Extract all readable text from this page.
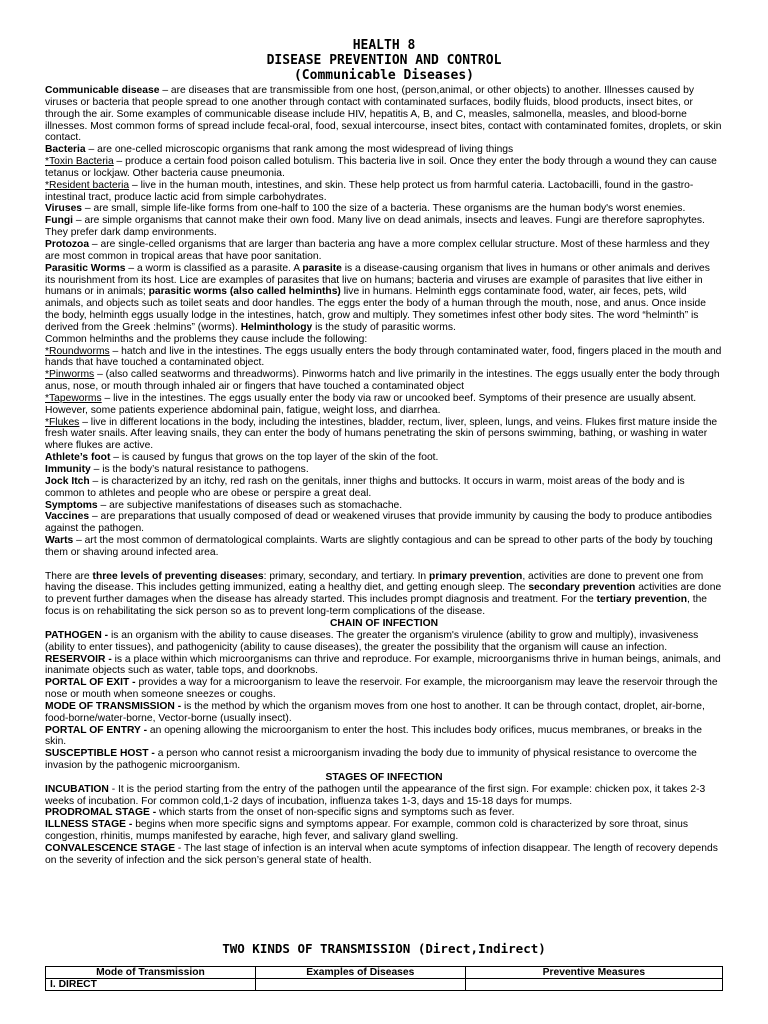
HEALTH 8
DISEASE PREVENTION AND CONTROL
(Communicable Diseases)

Communicable disease – are diseases that are transmissible from one host, (person,animal, or other objects) to another. Illnesses caused by viruses or bacteria that people spread to one another through contact with contaminated surfaces, bodily fluids, blood products, insect bites, or through the air. Some examples of communicable disease include HIV, hepatitis A, B, and C, measles, salmonella, measles, and blood-borne illnesses. Most common forms of spread include fecal-oral, food, sexual intercourse, insect bites, contact with contaminated fomites, droplets, or skin contact.

Bacteria – are one-celled microscopic organisms that rank among the most widespread of living things

*Toxin Bacteria – produce a certain food poison called botulism. This bacteria live in soil. Once they enter the body through a wound they can cause tetanus or lockjaw. Other bacteria cause pneumonia.

*Resident bacteria – live in the human mouth, intestines, and skin. These help protect us from harmful cateria. Lactobacilli, found in the gastro-intestinal tract, produce lactic acid from simple carbohydrates.

Viruses – are small, simple life-like forms from one-half to 100 the size of a bacteria. These organisms are the human body's worst enemies.

Fungi – are simple organisms that cannot make their own food. Many live on dead animals, insects and leaves. Fungi are therefore saprophytes. They prefer dark damp environments.

Protozoa – are single-celled organisms that are larger than bacteria ang have a more complex cellular structure. Most of these harmless and they are most common in tropical areas that have poor sanitation.

Parasitic Worms – a worm is classified as a parasite. A parasite is a disease-causing organism that lives in humans or other animals and derives its nourishment from its host. Lice are examples of parasites that live on humans; bacteria and viruses are example of parasites that live either in humans or in animals; parasitic worms (also called helminths) live in humans. Helminth eggs contaminate food, water, air feces, pets, wild animals, and objects such as toilet seats and door handles. The eggs enter the body of a human through the mouth, nose, and anus. Once inside the body, helminth eggs usually lodge in the intestines, hatch, grow and multiply. They sometimes infest other body sites. The word “helminth” is derived from the Greek :helmins” (worms). Helminthology is the study of parasitic worms.

Common helminths and the problems they cause include the following:

*Roundworms – hatch and live in the intestines. The eggs usually enters the body through contaminated water, food, fingers placed in the mouth and hands that have touched a contaminated object.

*Pinworms – (also called seatworms and threadworms). Pinworms hatch and live primarily in the intestines. The eggs usually enter the body through anus, nose, or mouth through inhaled air or fingers that have touched a contaminated object

*Tapeworms – live in the intestines. The eggs usually enter the body via raw or uncooked beef. Symptoms of their presence are usually absent. However, some patients experience abdominal pain, fatigue, weight loss, and diarrhea.

*Flukes – live in different locations in the body, including the intestines, bladder, rectum, liver, spleen, lungs, and veins. Flukes first mature inside the fresh water snails. After leaving snails, they can enter the body of humans penetrating the skin of persons swimming, bathing, or washing in water where flukes are active.

Athlete’s foot – is caused by fungus that grows on the top layer of the skin of the foot.

Immunity – is the body’s natural resistance to pathogens.

Jock Itch – is characterized by an itchy, red rash on the genitals, inner thighs and buttocks. It occurs in warm, moist areas of the body and is common to athletes and people who are obese or perspire a great deal.

Symptoms – are subjective manifestations of diseases such as stomachache.

Vaccines – are preparations that usually composed of dead or weakened viruses that provide immunity by causing the body to produce antibodies against the pathogen.

Warts – art the most common of dermatological complaints. Warts are slightly contagious and can be spread to other parts of the body by touching them or shaving around infected area.

There are three levels of preventing diseases: primary, secondary, and tertiary. In primary prevention, activities are done to prevent one from having the disease. This includes getting immunized, eating a healthy diet, and getting enough sleep. The secondary prevention activities are done to prevent further damages when the disease has already started. This includes prompt diagnosis and treatment. For the tertiary prevention, the focus is on rehabilitating the sick person so as to prevent long-term complications of the disease.

CHAIN OF INFECTION

PATHOGEN - is an organism with the ability to cause diseases. The greater the organism's virulence (ability to grow and multiply), invasiveness (ability to enter tissues), and pathogenicity (ability to cause diseases), the greater the possibility that the organism will cause an infection.

RESERVOIR - is a place within which microorganisms can thrive and reproduce. For example, microorganisms thrive in human beings, animals, and inanimate objects such as water, table tops, and doorknobs.

PORTAL OF EXIT - provides a way for a microorganism to leave the reservoir. For example, the microorganism may leave the reservoir through the nose or mouth when someone sneezes or coughs.

MODE OF TRANSMISSION - is the method by which the organism moves from one host to another. It can be through contact, droplet, air-borne, food-borne/water-borne, Vector-borne (usually insect).

PORTAL OF ENTRY - an opening allowing the microorganism to enter the host. This includes body orifices, mucus membranes, or breaks in the skin.

SUSCEPTIBLE HOST - a person who cannot resist a microorganism invading the body due to immunity of physical resistance to overcome the invasion by the pathogenic microorganism.

STAGES OF INFECTION

INCUBATION - It is the period starting from the entry of the pathogen until the appearance of the first sign. For example: chicken pox, it takes 2-3 weeks of incubation. For common cold,1-2 days of incubation, influenza takes 1-3, days and 15-18 days for mumps.

PRODROMAL STAGE - which starts from the onset of non-specific signs and symptoms such as fever.

ILLNESS STAGE - begins when more specific signs and symptoms appear. For example, common cold is characterized by sore throat, sinus congestion, rhinitis, mumps manifested by earache, high fever, and salivary gland swelling.

CONVALESCENCE STAGE - The last stage of infection is an interval when acute symptoms of infection disappear. The length of recovery depends on the severity of infection and the sick person’s general state of health.

TWO KINDS OF TRANSMISSION (Direct,Indirect)
Mode of Transmission	Examples of Diseases	Preventive Measures
I. DIRECT		
